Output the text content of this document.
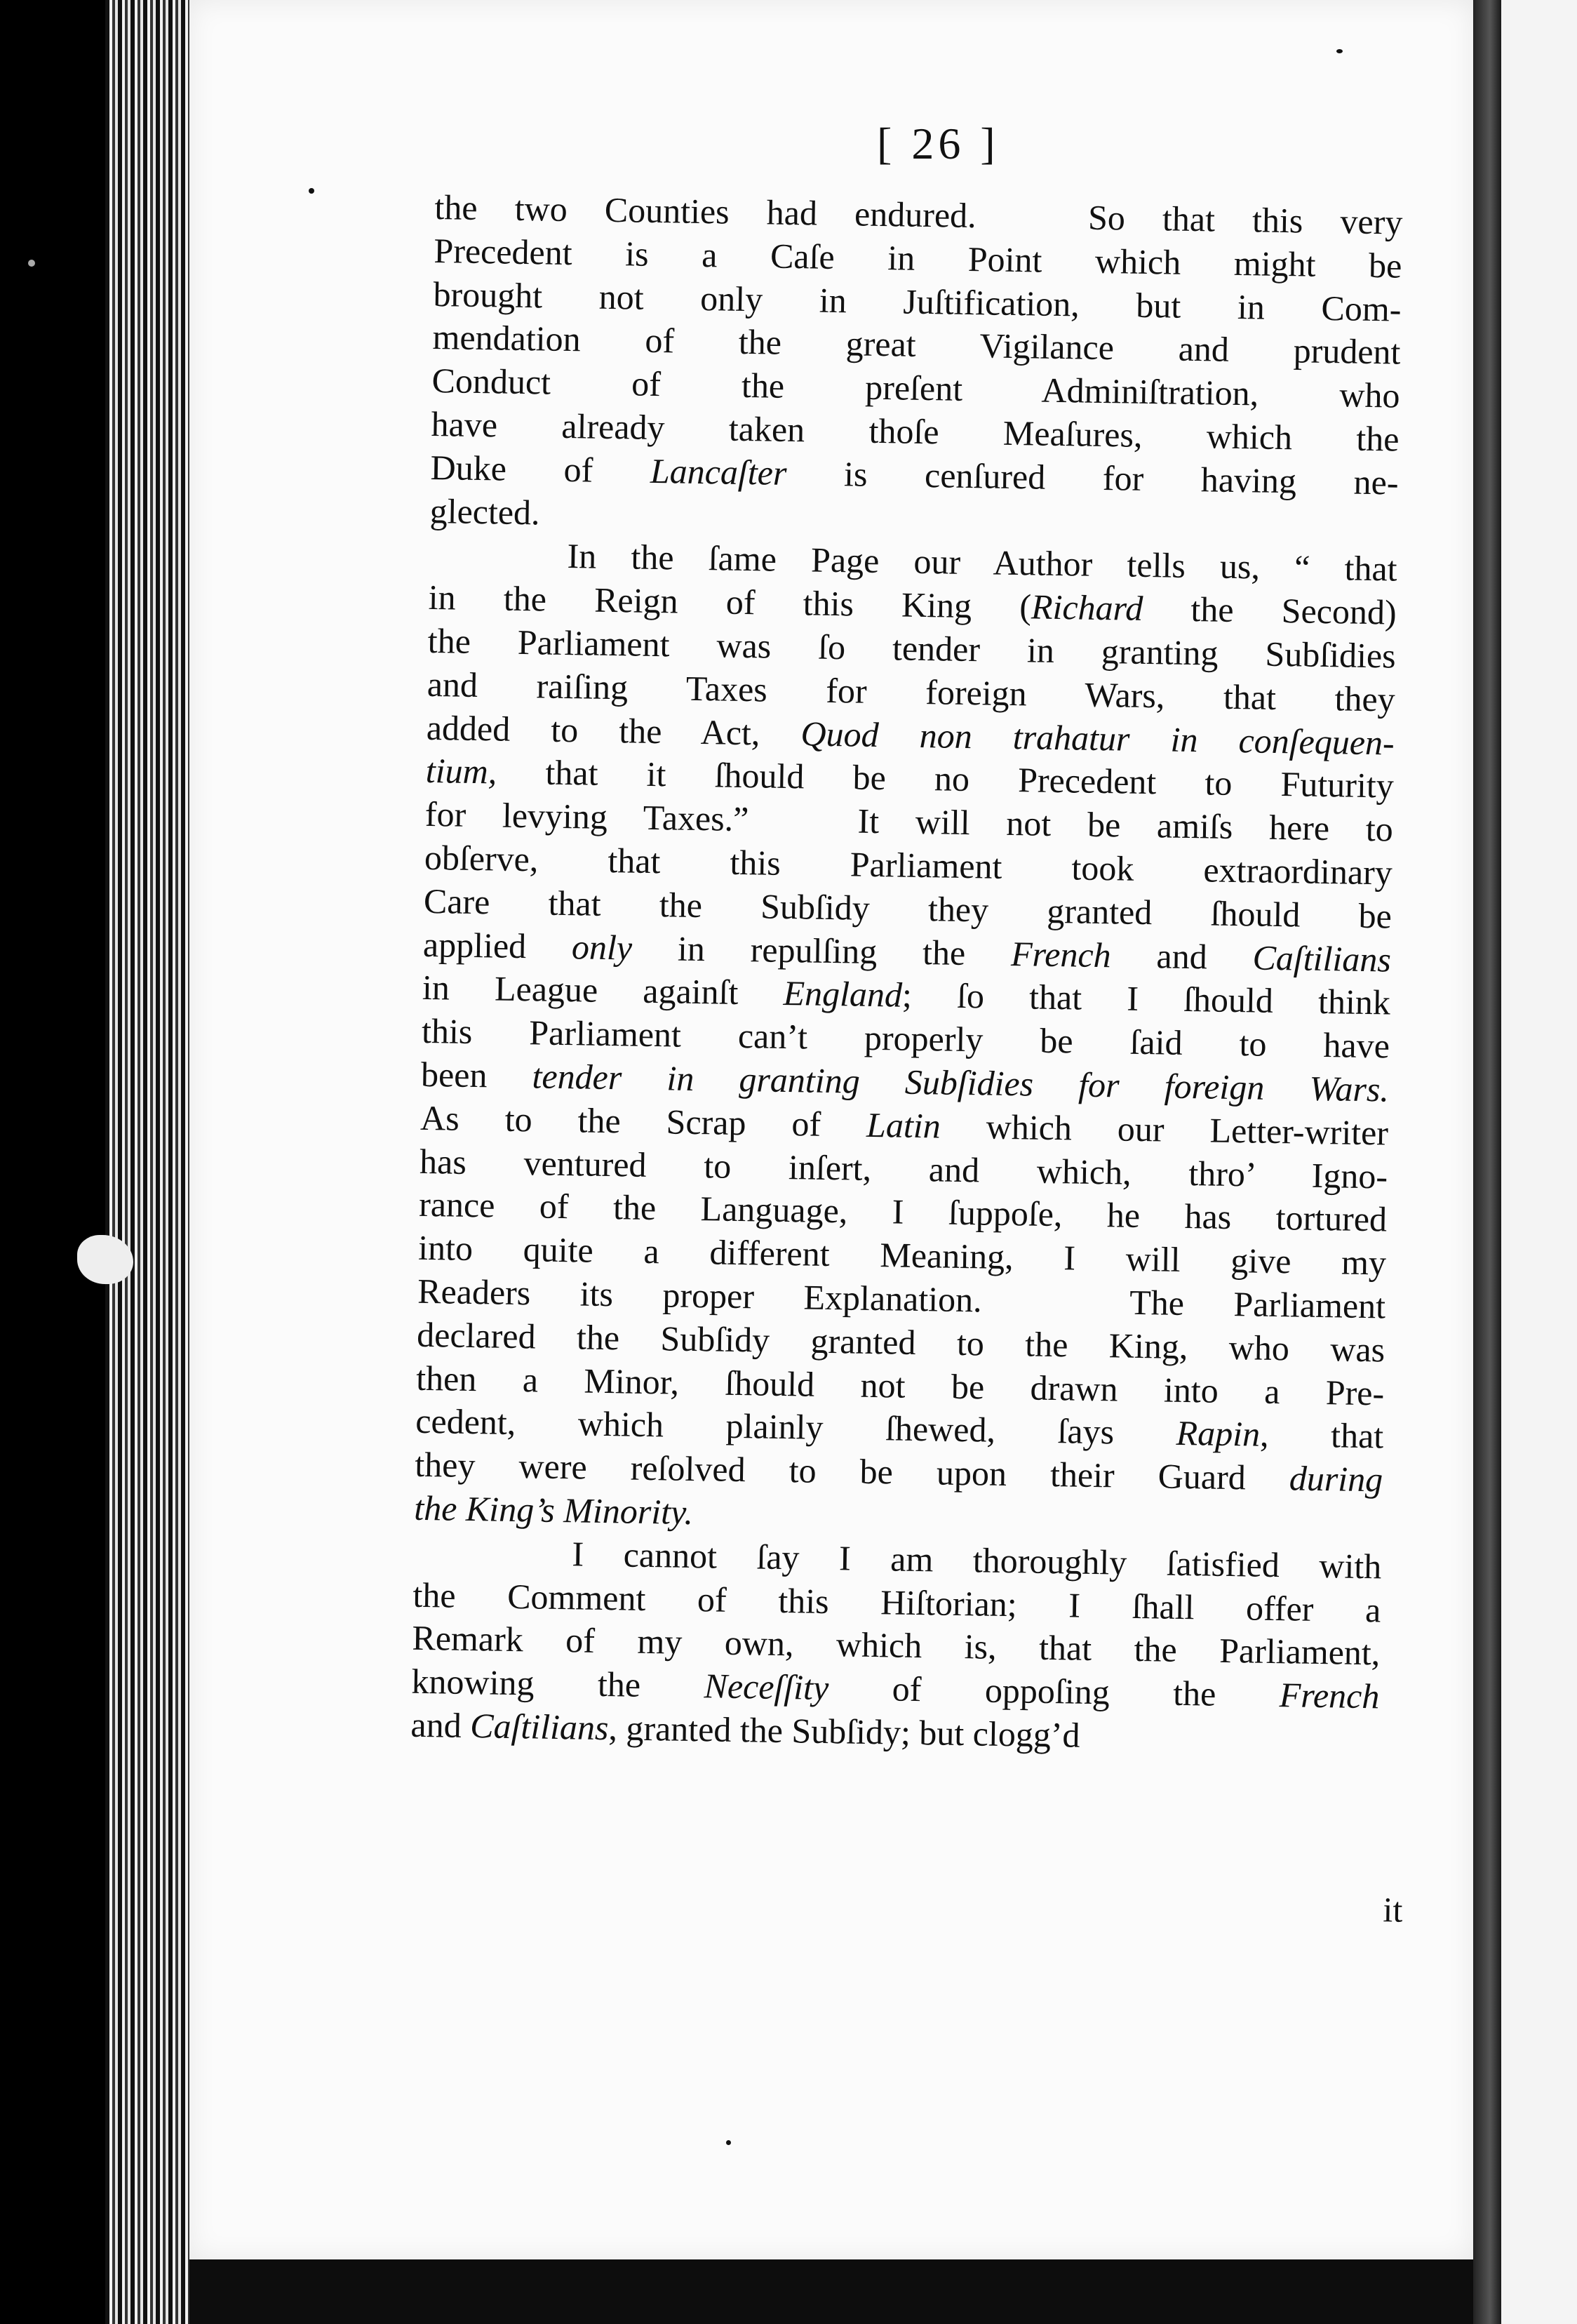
[ 26 ]
the two Counties had endured.   So that this very
Precedent is a Caſe in Point which might be
brought not only in Juſtification, but in Com-
mendation of the great Vigilance and prudent
Conduct of the preſent Adminiſtration, who
have already taken thoſe Meaſures, which the
Duke of Lancaſter is cenſured for having ne-
glected.
In the ſame Page our Author tells us, “ that
in the Reign of this King (Richard the Second)
the Parliament was ſo tender in granting Subſidies
and raiſing Taxes for foreign Wars, that they
added to the Act, Quod non trahatur in conſequen-
tium, that it ſhould be no Precedent to Futurity
for levying Taxes.”   It will not be amiſs here to
obſerve, that this Parliament took extraordinary
Care that the Subſidy they granted ſhould be
applied only in repulſing the French and Caſtilians
in League againſt England; ſo that I ſhould think
this Parliament can’t properly be ſaid to have
been tender in granting Subſidies for foreign Wars.
As to the Scrap of Latin which our Letter-writer
has ventured to inſert, and which, thro’ Igno-
rance of the Language, I ſuppoſe, he has tortured
into quite a different Meaning, I will give my
Readers its proper Explanation.   The Parliament
declared the Subſidy granted to the King, who was
then a Minor, ſhould not be drawn into a Pre-
cedent, which plainly ſhewed, ſays Rapin, that
they were reſolved to be upon their Guard during
the King’s Minority.
I cannot ſay I am thoroughly ſatisfied with
the Comment of this Hiſtorian; I ſhall offer a
Remark of my own, which is, that the Parliament,
knowing the Neceſſity of oppoſing the French
and Caſtilians, granted the Subſidy; but clogg’d
it
